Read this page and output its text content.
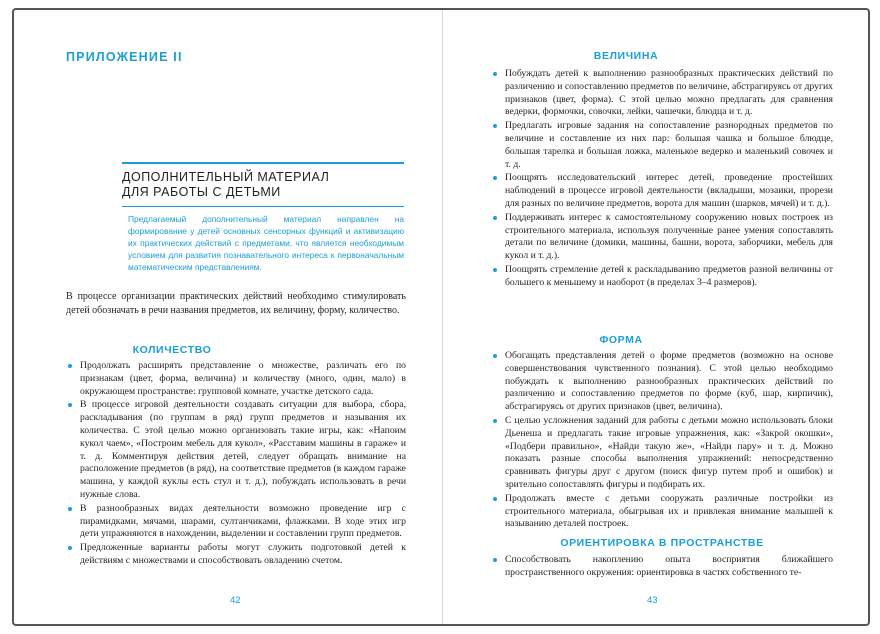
ПРИЛОЖЕНИЕ II
ДОПОЛНИТЕЛЬНЫЙ МАТЕРИАЛ
ДЛЯ РАБОТЫ С ДЕТЬМИ
Предлагаемый дополнительный материал направлен на формирование у детей основных сенсорных функций и активизацию их практических действий с предметами, что является необходимым условием для развития познавательного интереса к первоначальным математическим представлениям.

В процессе организации практических действий необходимо стимулировать детей обозначать в речи названия предметов, их величину, форму, количество.

КОЛИЧЕСТВО
Продолжать расширять представление о множестве, различать его по признакам (цвет, форма, величина) и количеству (много, один, мало) в окружающем пространстве: групповой комнате, участке детского сада.
В процессе игровой деятельности создавать ситуации для выбора, сбора, раскладывания (по группам в ряд) групп предметов и называния их количества. С этой целью можно организовать такие игры, как: «Напоим кукол чаем», «Построим мебель для кукол», «Расставим машины в гараже» и т. д. Комментируя действия детей, следует обращать внимание на расположение предметов (в ряд), на соответствие предметов (в каждом гараже машина, у каждой куклы есть стул и т. д.), побуждать использовать в речи нужные слова.
В разнообразных видах деятельности возможно проведение игр с пирамидками, мячами, шарами, султанчиками, флажками. В ходе этих игр дети упражняются в нахождении, выделении и составлении групп предметов.
Предложенные варианты работы могут служить подготовкой детей к действиям с множествами и способствовать овладению счетом.
42
ВЕЛИЧИНА
Побуждать детей к выполнению разнообразных практических действий по различению и сопоставлению предметов по величине, абстрагируясь от других признаков (цвет, форма). С этой целью можно предлагать для сравнения ведерки, формочки, совочки, лейки, чашечки, блюдца и т. д.
Предлагать игровые задания на сопоставление разнородных предметов по величине и составление из них пар: большая чашка и большое блюдце, большая тарелка и большая ложка, маленькое ведерко и маленький совочек и т. д.
Поощрять исследовательский интерес детей, проведение простейших наблюдений в процессе игровой деятельности (вкладыши, мозаики, прорези для разных по величине предметов, ворота для машин (шарков, мячей) и т. д.).
Поддерживать интерес к самостоятельному сооружению новых построек из строительного материала, используя полученные ранее умения сопоставлять детали по величине (домики, машины, башни, ворота, заборчики, мебель для кукол и т. д.).
Поощрять стремление детей к раскладыванию предметов разной величины от большего к меньшему и наоборот (в пределах 3–4 размеров).
ФОРМА
Обогащать представления детей о форме предметов (возможно на основе совершенствования чувственного познания). С этой целью необходимо побуждать к выполнению разнообразных практических действий по различению и сопоставлению предметов по форме (куб, шар, кирпичик), абстрагируясь от других признаков (цвет, величина).
С целью усложнения заданий для работы с детьми можно использовать блоки Дьенеша и предлагать такие игровые упражнения, как: «Закрой окошки», «Подбери правильно», «Найди такую же», «Найди пару» и т. д. Можно показать разные способы выполнения упражнений: непосредственно сравнивать фигуры друг с другом (поиск фигур путем проб и ошибок) и зрительно сопоставлять фигуры и подбирать их.
Продолжать вместе с детьми сооружать различные постройки из строительного материала, обыгрывая их и привлекая внимание малышей к называнию деталей построек.
ОРИЕНТИРОВКА В ПРОСТРАНСТВЕ
Способствовать накоплению опыта восприятия ближайшего пространственного окружения: ориентировка в частях собственного те-
43
